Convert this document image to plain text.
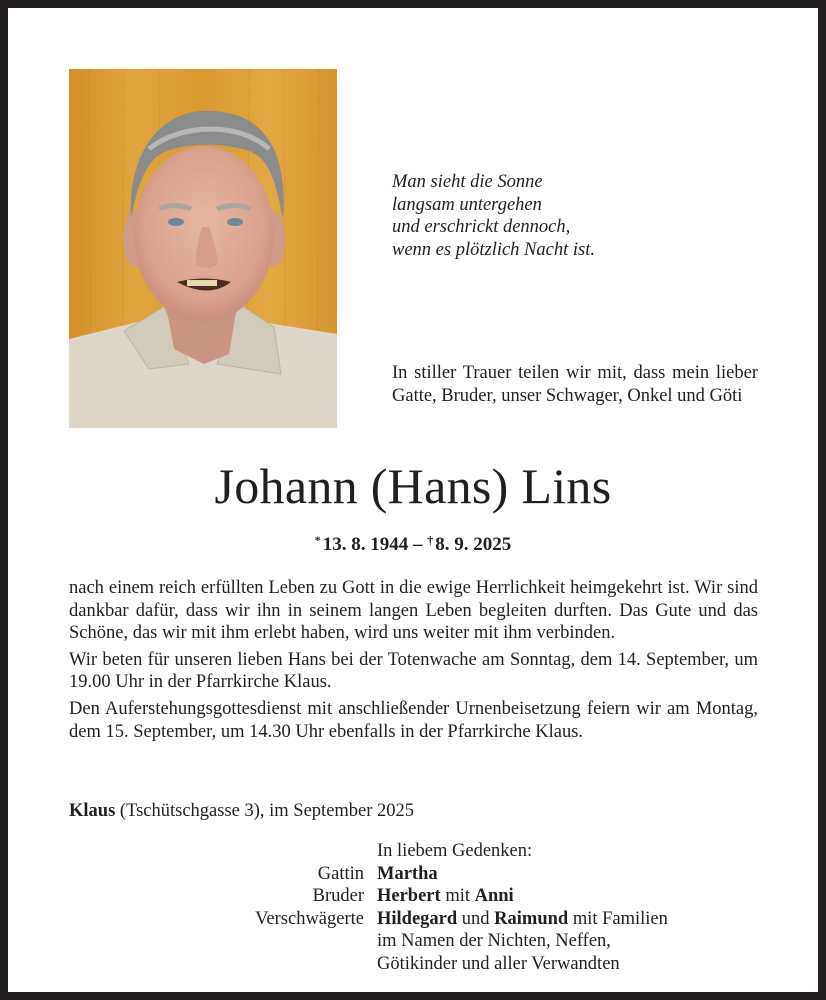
Man sieht die Sonne
langsam untergehen
und erschrickt dennoch,
wenn es plötzlich Nacht ist.
In stiller Trauer teilen wir mit, dass mein lieber Gatte, Bruder, unser Schwager, Onkel und Göti
Johann (Hans) Lins
* 13. 8. 1944 – † 8. 9. 2025

nach einem reich erfüllten Leben zu Gott in die ewige Herrlichkeit heimgekehrt ist. Wir sind dankbar dafür, dass wir ihn in seinem langen Leben begleiten durften. Das Gute und das Schöne, das wir mit ihm erlebt haben, wird uns weiter mit ihm verbinden.

Wir beten für unseren lieben Hans bei der Totenwache am Sonntag, dem 14. September, um 19.00 Uhr in der Pfarrkirche Klaus.

Den Auferstehungsgottesdienst mit anschließender Urnenbeisetzung feiern wir am Montag, dem 15. September, um 14.30 Uhr ebenfalls in der Pfarrkirche Klaus.

Klaus (Tschütschgasse 3), im September 2025
In liebem Gedenken:
Gattin Martha
Bruder Herbert mit Anni
Verschwägerte Hildegard und Raimund mit Familien
im Namen der Nichten, Neffen,
Götikinder und aller Verwandten
